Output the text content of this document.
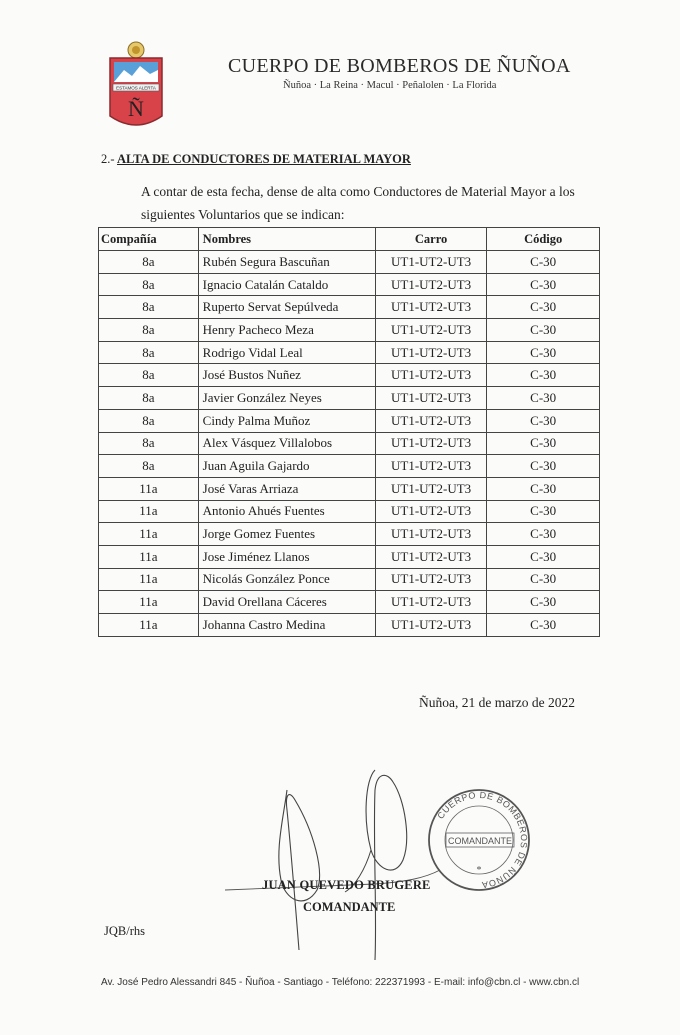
ESTAMOS ALERTA
Ñ
CUERPO DE BOMBEROS DE ÑUÑOA
Ñuñoa · La Reina · Macul · Peñalolen · La Florida
2.- ALTA DE CONDUCTORES DE MATERIAL MAYOR
A contar de esta fecha, dense de alta como Conductores de Material Mayor a los siguientes Voluntarios que se indican:
Compañía	Nombres	Carro	Código
8a	Rubén Segura Bascuñan	UT1-UT2-UT3	C-30
8a	Ignacio Catalán Cataldo	UT1-UT2-UT3	C-30
8a	Ruperto Servat Sepúlveda	UT1-UT2-UT3	C-30
8a	Henry Pacheco Meza	UT1-UT2-UT3	C-30
8a	Rodrigo Vidal Leal	UT1-UT2-UT3	C-30
8a	José Bustos Nuñez	UT1-UT2-UT3	C-30
8a	Javier González Neyes	UT1-UT2-UT3	C-30
8a	Cindy Palma Muñoz	UT1-UT2-UT3	C-30
8a	Alex Vásquez Villalobos	UT1-UT2-UT3	C-30
8a	Juan Aguila Gajardo	UT1-UT2-UT3	C-30
11a	José Varas Arriaza	UT1-UT2-UT3	C-30
11a	Antonio Ahués Fuentes	UT1-UT2-UT3	C-30
11a	Jorge Gomez Fuentes	UT1-UT2-UT3	C-30
11a	Jose Jiménez Llanos	UT1-UT2-UT3	C-30
11a	Nicolás González Ponce	UT1-UT2-UT3	C-30
11a	David Orellana Cáceres	UT1-UT2-UT3	C-30
11a	Johanna Castro Medina	UT1-UT2-UT3	C-30
Ñuñoa, 21 de marzo de 2022
CUERPO DE BOMBEROS DE ÑUÑOA
COMANDANTE
*
JUAN QUEVEDO BRUGERE
COMANDANTE
JQB/rhs
Av. José Pedro Alessandri 845 - Ñuñoa - Santiago - Teléfono: 222371993 - E-mail: info@cbn.cl - www.cbn.cl
